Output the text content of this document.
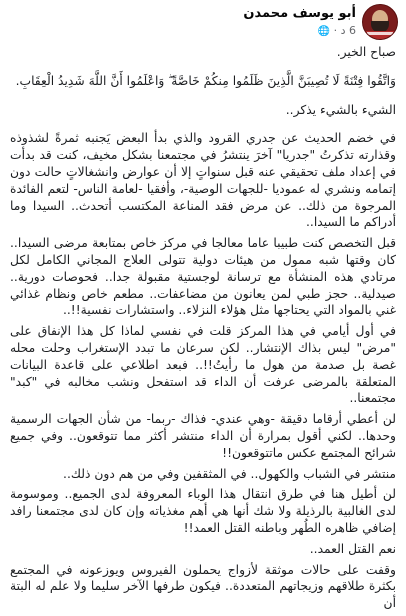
أبو يوسف محمدن
6 د · 🌐

صباح الخير.

وَاتَّقُوا فِتْنَةً لَا تُصِيبَنَّ الَّذِينَ ظَلَمُوا مِنكُمْ خَاصَّةً ۖ وَاعْلَمُوا أَنَّ اللَّهَ شَدِيدُ الْعِقَابِ.

الشيء بالشيء يذكر..

في خضم الحديث عن جدري القرود والذي بدأ البعض يَجنبه ثمرةً لشذوذه وقذارته تذكرتُ "جدريا" آخرَ ينتشرُ في مجتمعنا بشكل مخيف، كنت قد بدأت في إعداد ملف تحقيقي عنه قبل سنواتٍ إلا أن عوارض وانشغالاتٍ حالت دون إتمامه ونشري له عموديا -للجهات الوصية-، وأفقيا -لعامة الناس- لتعم الفائدة المرجوة من ذلك.. عن مرض فقد المناعة المكتسب أتحدث.. السيدا وما أدراكم ما السيدا..

قبل التخصص كنت طبيبا عاما معالجا في مركز خاص بمتابعة مرضى السيدا.. كان وقتها شبه ممول من هيئات دولية تتولى العلاج المجاني الكامل لكل مرتادي هذه المنشأة مع ترسانة لوجستية مقبولة جدا.. فحوصات دورية.. صيدلية.. حجز طبي لمن يعانون من مضاعفات.. مطعم خاص ونظام غذائي غني بالمواد التي يحتاجها مثل هؤلاء النزلاء.. واستشارات نفسية!!..

في أول أيامي في هذا المركز قلت في نفسي لماذا كل هذا الإنفاق على "مرض" ليس بذاك الإنتشار.. لكن سرعان ما تبدد الإستغراب وحلت محله غصة بل صدمة من هول ما رأيتُ!!.. فبعد اطلاعي على قاعدة البيانات المتعلقة بالمرضى عرفت أن الداء قد استفحل ونشب مخالبه في "كبد" مجتمعنا..

لن أعطي أرقاما دقيقة -وهي عندي- فذاك -ربما- من شأن الجهات الرسمية وحدها.. لكني أقول بمرارة أن الداء منتشر أكثر مما تتوقعون.. وفي جميع شرائح المجتمع عكس ماتتوقعون!!

منتشر في الشباب والكهول.. في المثقفين وفي من هم دون ذلك..

لن أطيل هنا في طرق انتقال هذا الوباء المعروفة لدى الجميع.. وموسومة لدى الغالبية بالرذيلة ولا شك أنها هي أهم مغذياته وإن كان لدى مجتمعنا رافد إضافي ظاهره الطُهر وباطنه القتل العمد!!

نعم القتل العمد..

وقفت على حالات موثقة لأزواج يحملون الفيروس ويوزعونه في المجتمع بكثرة طلاقهم وزيجاتهم المتعددة.. فيكون طرفها الآخر سليما ولا علم له البتة أن
